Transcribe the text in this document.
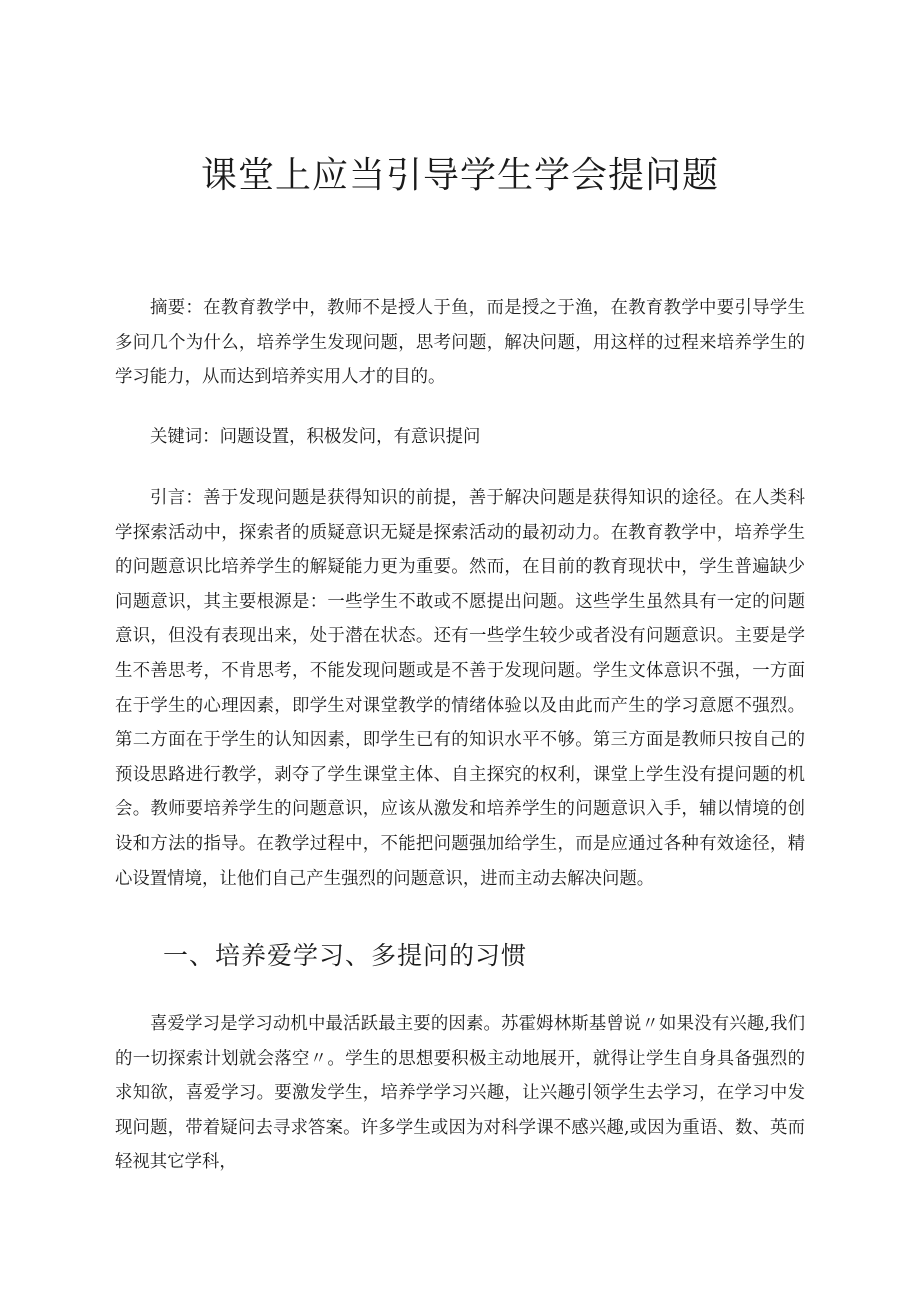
课堂上应当引导学生学会提问题

摘要：在教育教学中，教师不是授人于鱼，而是授之于渔，在教育教学中要引导学生多问几个为什么，培养学生发现问题，思考问题，解决问题，用这样的过程来培养学生的学习能力，从而达到培养实用人才的目的。

关键词：问题设置，积极发问，有意识提问

引言：善于发现问题是获得知识的前提，善于解决问题是获得知识的途径。在人类科学探索活动中，探索者的质疑意识无疑是探索活动的最初动力。在教育教学中，培养学生的问题意识比培养学生的解疑能力更为重要。然而，在目前的教育现状中，学生普遍缺少问题意识，其主要根源是：一些学生不敢或不愿提出问题。这些学生虽然具有一定的问题意识，但没有表现出来，处于潜在状态。还有一些学生较少或者没有问题意识。主要是学生不善思考，不肯思考，不能发现问题或是不善于发现问题。学生文体意识不强，一方面在于学生的心理因素，即学生对课堂教学的情绪体验以及由此而产生的学习意愿不强烈。第二方面在于学生的认知因素，即学生已有的知识水平不够。第三方面是教师只按自己的预设思路进行教学，剥夺了学生课堂主体、自主探究的权利，课堂上学生没有提问题的机会。教师要培养学生的问题意识，应该从激发和培养学生的问题意识入手，辅以情境的创设和方法的指导。在教学过程中，不能把问题强加给学生，而是应通过各种有效途径，精心设置情境，让他们自己产生强烈的问题意识，进而主动去解决问题。

一、培养爱学习、多提问的习惯

喜爱学习是学习动机中最活跃最主要的因素。苏霍姆林斯基曾说〃如果没有兴趣,我们的一切探索计划就会落空〃。学生的思想要积极主动地展开，就得让学生自身具备强烈的求知欲，喜爱学习。要激发学生，培养学学习兴趣，让兴趣引领学生去学习，在学习中发现问题，带着疑问去寻求答案。许多学生或因为对科学课不感兴趣,或因为重语、数、英而轻视其它学科，
